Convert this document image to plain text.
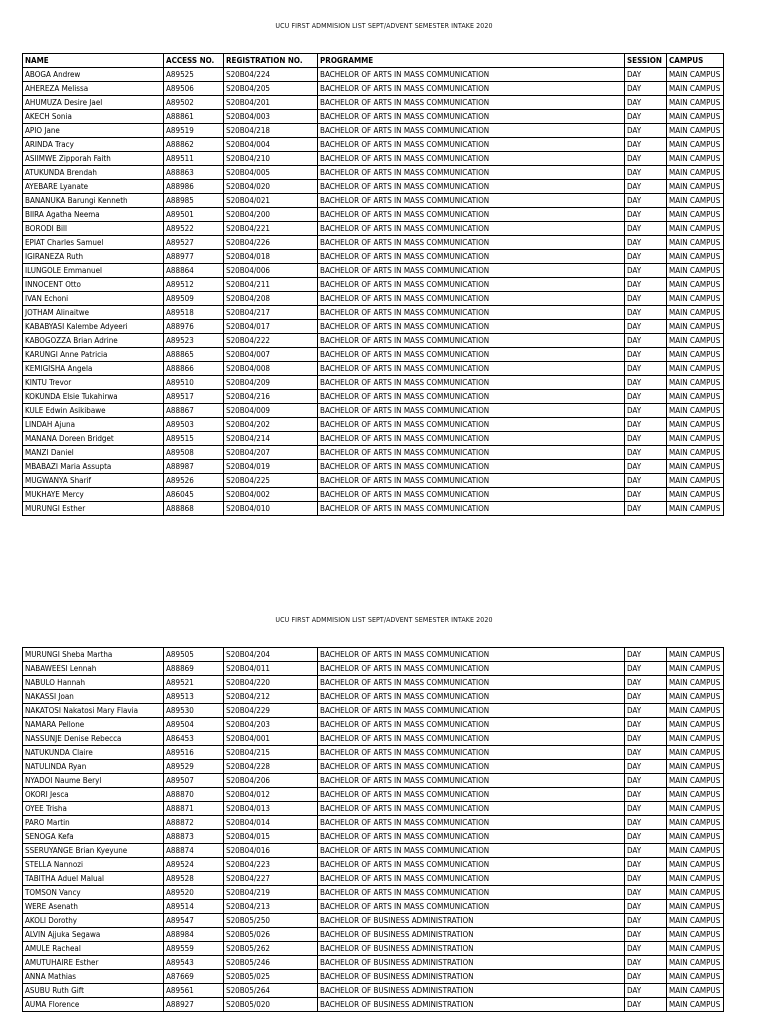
UCU FIRST ADMMISION LIST SEPT/ADVENT SEMESTER INTAKE 2020
NAME	ACCESS NO.	REGISTRATION NO.	PROGRAMME	SESSION	CAMPUS
ABOGA Andrew	A89525	S20B04/224	BACHELOR OF ARTS IN MASS COMMUNICATION	DAY	MAIN CAMPUS
AHEREZA Melissa	A89506	S20B04/205	BACHELOR OF ARTS IN MASS COMMUNICATION	DAY	MAIN CAMPUS
AHUMUZA Desire Jael	A89502	S20B04/201	BACHELOR OF ARTS IN MASS COMMUNICATION	DAY	MAIN CAMPUS
AKECH Sonia	A88861	S20B04/003	BACHELOR OF ARTS IN MASS COMMUNICATION	DAY	MAIN CAMPUS
APIO Jane	A89519	S20B04/218	BACHELOR OF ARTS IN MASS COMMUNICATION	DAY	MAIN CAMPUS
ARINDA Tracy	A88862	S20B04/004	BACHELOR OF ARTS IN MASS COMMUNICATION	DAY	MAIN CAMPUS
ASIIMWE Zipporah Faith	A89511	S20B04/210	BACHELOR OF ARTS IN MASS COMMUNICATION	DAY	MAIN CAMPUS
ATUKUNDA Brendah	A88863	S20B04/005	BACHELOR OF ARTS IN MASS COMMUNICATION	DAY	MAIN CAMPUS
AYEBARE Lyanate	A88986	S20B04/020	BACHELOR OF ARTS IN MASS COMMUNICATION	DAY	MAIN CAMPUS
BANANUKA Barungi Kenneth	A88985	S20B04/021	BACHELOR OF ARTS IN MASS COMMUNICATION	DAY	MAIN CAMPUS
BIIRA Agatha Neema	A89501	S20B04/200	BACHELOR OF ARTS IN MASS COMMUNICATION	DAY	MAIN CAMPUS
BORODI Bill	A89522	S20B04/221	BACHELOR OF ARTS IN MASS COMMUNICATION	DAY	MAIN CAMPUS
EPIAT Charles Samuel	A89527	S20B04/226	BACHELOR OF ARTS IN MASS COMMUNICATION	DAY	MAIN CAMPUS
IGIRANEZA Ruth	A88977	S20B04/018	BACHELOR OF ARTS IN MASS COMMUNICATION	DAY	MAIN CAMPUS
ILUNGOLE Emmanuel	A88864	S20B04/006	BACHELOR OF ARTS IN MASS COMMUNICATION	DAY	MAIN CAMPUS
INNOCENT Otto	A89512	S20B04/211	BACHELOR OF ARTS IN MASS COMMUNICATION	DAY	MAIN CAMPUS
IVAN Echoni	A89509	S20B04/208	BACHELOR OF ARTS IN MASS COMMUNICATION	DAY	MAIN CAMPUS
JOTHAM Alinaitwe	A89518	S20B04/217	BACHELOR OF ARTS IN MASS COMMUNICATION	DAY	MAIN CAMPUS
KABABYASI Kalembe Adyeeri	A88976	S20B04/017	BACHELOR OF ARTS IN MASS COMMUNICATION	DAY	MAIN CAMPUS
KABOGOZZA Brian Adrine	A89523	S20B04/222	BACHELOR OF ARTS IN MASS COMMUNICATION	DAY	MAIN CAMPUS
KARUNGI Anne Patricia	A88865	S20B04/007	BACHELOR OF ARTS IN MASS COMMUNICATION	DAY	MAIN CAMPUS
KEMIGISHA Angela	A88866	S20B04/008	BACHELOR OF ARTS IN MASS COMMUNICATION	DAY	MAIN CAMPUS
KINTU Trevor	A89510	S20B04/209	BACHELOR OF ARTS IN MASS COMMUNICATION	DAY	MAIN CAMPUS
KOKUNDA Elsie Tukahirwa	A89517	S20B04/216	BACHELOR OF ARTS IN MASS COMMUNICATION	DAY	MAIN CAMPUS
KULE Edwin Asikibawe	A88867	S20B04/009	BACHELOR OF ARTS IN MASS COMMUNICATION	DAY	MAIN CAMPUS
LINDAH Ajuna	A89503	S20B04/202	BACHELOR OF ARTS IN MASS COMMUNICATION	DAY	MAIN CAMPUS
MANANA Doreen Bridget	A89515	S20B04/214	BACHELOR OF ARTS IN MASS COMMUNICATION	DAY	MAIN CAMPUS
MANZI Daniel	A89508	S20B04/207	BACHELOR OF ARTS IN MASS COMMUNICATION	DAY	MAIN CAMPUS
MBABAZI Maria Assupta	A88987	S20B04/019	BACHELOR OF ARTS IN MASS COMMUNICATION	DAY	MAIN CAMPUS
MUGWANYA Sharif	A89526	S20B04/225	BACHELOR OF ARTS IN MASS COMMUNICATION	DAY	MAIN CAMPUS
MUKHAYE Mercy	A86045	S20B04/002	BACHELOR OF ARTS IN MASS COMMUNICATION	DAY	MAIN CAMPUS
MURUNGI Esther	A88868	S20B04/010	BACHELOR OF ARTS IN MASS COMMUNICATION	DAY	MAIN CAMPUS
UCU FIRST ADMMISION LIST SEPT/ADVENT SEMESTER INTAKE 2020
MURUNGI Sheba Martha	A89505	S20B04/204	BACHELOR OF ARTS IN MASS COMMUNICATION	DAY	MAIN CAMPUS
NABAWEESI Lennah	A88869	S20B04/011	BACHELOR OF ARTS IN MASS COMMUNICATION	DAY	MAIN CAMPUS
NABULO Hannah	A89521	S20B04/220	BACHELOR OF ARTS IN MASS COMMUNICATION	DAY	MAIN CAMPUS
NAKASSI Joan	A89513	S20B04/212	BACHELOR OF ARTS IN MASS COMMUNICATION	DAY	MAIN CAMPUS
NAKATOSI Nakatosi Mary Flavia	A89530	S20B04/229	BACHELOR OF ARTS IN MASS COMMUNICATION	DAY	MAIN CAMPUS
NAMARA Pellone	A89504	S20B04/203	BACHELOR OF ARTS IN MASS COMMUNICATION	DAY	MAIN CAMPUS
NASSUNJE Denise Rebecca	A86453	S20B04/001	BACHELOR OF ARTS IN MASS COMMUNICATION	DAY	MAIN CAMPUS
NATUKUNDA Claire	A89516	S20B04/215	BACHELOR OF ARTS IN MASS COMMUNICATION	DAY	MAIN CAMPUS
NATULINDA Ryan	A89529	S20B04/228	BACHELOR OF ARTS IN MASS COMMUNICATION	DAY	MAIN CAMPUS
NYADOI Naume Beryl	A89507	S20B04/206	BACHELOR OF ARTS IN MASS COMMUNICATION	DAY	MAIN CAMPUS
OKORI Jesca	A88870	S20B04/012	BACHELOR OF ARTS IN MASS COMMUNICATION	DAY	MAIN CAMPUS
OYEE Trisha	A88871	S20B04/013	BACHELOR OF ARTS IN MASS COMMUNICATION	DAY	MAIN CAMPUS
PARO Martin	A88872	S20B04/014	BACHELOR OF ARTS IN MASS COMMUNICATION	DAY	MAIN CAMPUS
SENOGA Kefa	A88873	S20B04/015	BACHELOR OF ARTS IN MASS COMMUNICATION	DAY	MAIN CAMPUS
SSERUYANGE Brian Kyeyune	A88874	S20B04/016	BACHELOR OF ARTS IN MASS COMMUNICATION	DAY	MAIN CAMPUS
STELLA Nannozi	A89524	S20B04/223	BACHELOR OF ARTS IN MASS COMMUNICATION	DAY	MAIN CAMPUS
TABITHA Aduel Malual	A89528	S20B04/227	BACHELOR OF ARTS IN MASS COMMUNICATION	DAY	MAIN CAMPUS
TOMSON Vancy	A89520	S20B04/219	BACHELOR OF ARTS IN MASS COMMUNICATION	DAY	MAIN CAMPUS
WERE Asenath	A89514	S20B04/213	BACHELOR OF ARTS IN MASS COMMUNICATION	DAY	MAIN CAMPUS
AKOLI Dorothy	A89547	S20B05/250	BACHELOR OF BUSINESS ADMINISTRATION	DAY	MAIN CAMPUS
ALVIN Ajjuka Segawa	A88984	S20B05/026	BACHELOR OF BUSINESS ADMINISTRATION	DAY	MAIN CAMPUS
AMULE Racheal	A89559	S20B05/262	BACHELOR OF BUSINESS ADMINISTRATION	DAY	MAIN CAMPUS
AMUTUHAIRE Esther	A89543	S20B05/246	BACHELOR OF BUSINESS ADMINISTRATION	DAY	MAIN CAMPUS
ANNA Mathias	A87669	S20B05/025	BACHELOR OF BUSINESS ADMINISTRATION	DAY	MAIN CAMPUS
ASUBU Ruth Gift	A89561	S20B05/264	BACHELOR OF BUSINESS ADMINISTRATION	DAY	MAIN CAMPUS
AUMA Florence	A88927	S20B05/020	BACHELOR OF BUSINESS ADMINISTRATION	DAY	MAIN CAMPUS
